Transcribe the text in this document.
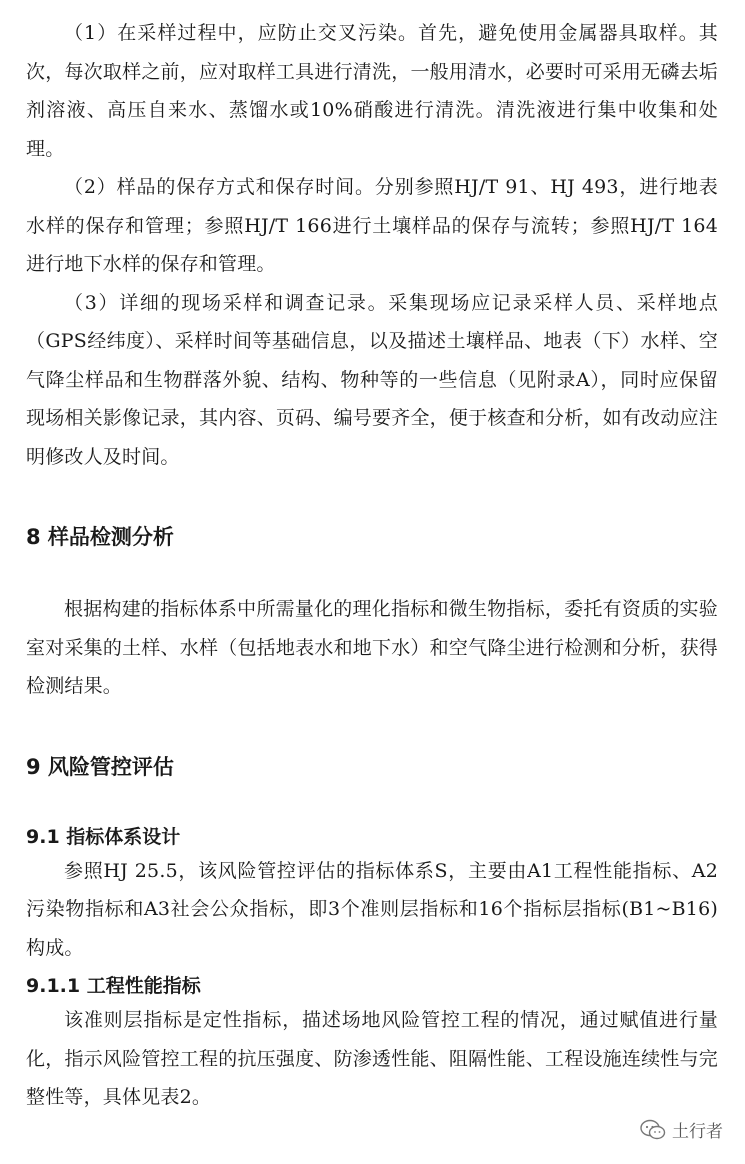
（1）在采样过程中，应防止交叉污染。首先，避免使用金属器具取样。其次，每次取样之前，应对取样工具进行清洗，一般用清水，必要时可采用无磷去垢剂溶液、高压自来水、蒸馏水或10%硝酸进行清洗。清洗液进行集中收集和处理。

（2）样品的保存方式和保存时间。分别参照HJ/T 91、HJ 493，进行地表水样的保存和管理；参照HJ/T 166进行土壤样品的保存与流转；参照HJ/T 164进行地下水样的保存和管理。

（3）详细的现场采样和调查记录。采集现场应记录采样人员、采样地点（GPS经纬度）、采样时间等基础信息，以及描述土壤样品、地表（下）水样、空气降尘样品和生物群落外貌、结构、物种等的一些信息（见附录A），同时应保留现场相关影像记录，其内容、页码、编号要齐全，便于核查和分析，如有改动应注明修改人及时间。

8 样品检测分析

根据构建的指标体系中所需量化的理化指标和微生物指标，委托有资质的实验室对采集的土样、水样（包括地表水和地下水）和空气降尘进行检测和分析，获得检测结果。

9 风险管控评估
9.1 指标体系设计

参照HJ 25.5，该风险管控评估的指标体系S，主要由A1工程性能指标、A2污染物指标和A3社会公众指标，即3个准则层指标和16个指标层指标(B1~B16)构成。

9.1.1 工程性能指标

该准则层指标是定性指标，描述场地风险管控工程的情况，通过赋值进行量化，指示风险管控工程的抗压强度、防渗透性能、阻隔性能、工程设施连续性与完整性等，具体见表2。

土行者
